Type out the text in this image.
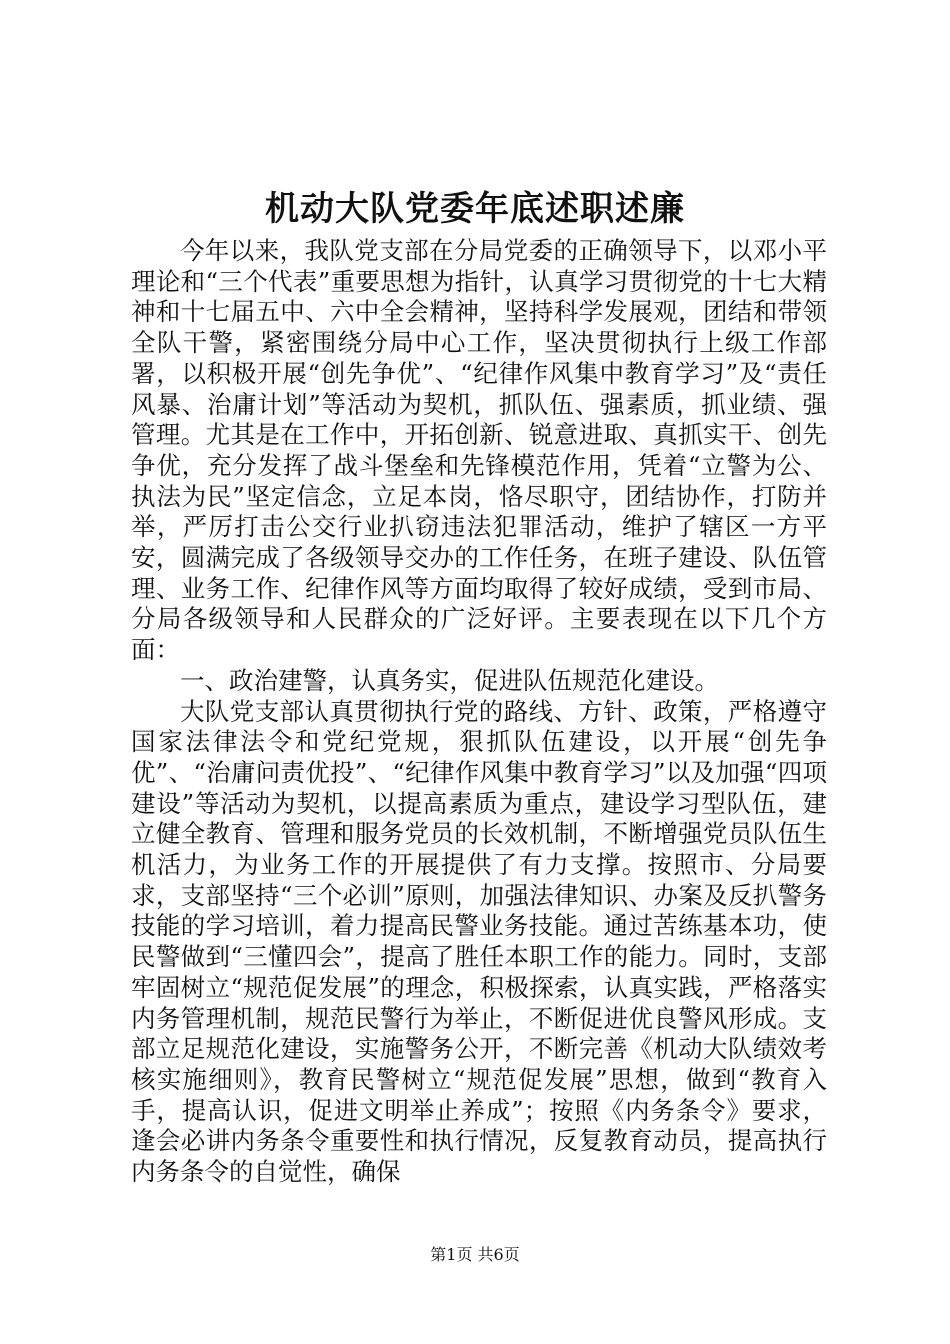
机动大队党委年底述职述廉

今年以来，我队党支部在分局党委的正确领导下，以邓小平理论和“三个代表”重要思想为指针，认真学习贯彻党的十七大精神和十七届五中、六中全会精神，坚持科学发展观，团结和带领全队干警，紧密围绕分局中心工作，坚决贯彻执行上级工作部署，以积极开展“创先争优”、“纪律作风集中教育学习”及“责任风暴、治庸计划”等活动为契机，抓队伍、强素质，抓业绩、强管理。尤其是在工作中，开拓创新、锐意进取、真抓实干、创先争优，充分发挥了战斗堡垒和先锋模范作用，凭着“立警为公、执法为民”坚定信念，立足本岗，恪尽职守，团结协作，打防并举，严厉打击公交行业扒窃违法犯罪活动，维护了辖区一方平安，圆满完成了各级领导交办的工作任务，在班子建设、队伍管理、业务工作、纪律作风等方面均取得了较好成绩，受到市局、分局各级领导和人民群众的广泛好评。主要表现在以下几个方面：

一、政治建警，认真务实，促进队伍规范化建设。

大队党支部认真贯彻执行党的路线、方针、政策，严格遵守国家法律法令和党纪党规，狠抓队伍建设，以开展“创先争优”、“治庸问责优投”、“纪律作风集中教育学习”以及加强“四项建设”等活动为契机，以提高素质为重点，建设学习型队伍，建立健全教育、管理和服务党员的长效机制，不断增强党员队伍生机活力，为业务工作的开展提供了有力支撑。按照市、分局要求，支部坚持“三个必训”原则，加强法律知识、办案及反扒警务技能的学习培训，着力提高民警业务技能。通过苦练基本功，使民警做到“三懂四会”，提高了胜任本职工作的能力。同时，支部牢固树立“规范促发展”的理念，积极探索，认真实践，严格落实内务管理机制，规范民警行为举止，不断促进优良警风形成。支部立足规范化建设，实施警务公开，不断完善《机动大队绩效考核实施细则》，教育民警树立“规范促发展”思想，做到“教育入手，提高认识，促进文明举止养成”；按照《内务条令》要求，逢会必讲内务条令重要性和执行情况，反复教育动员，提高执行内务条令的自觉性，确保

第1页 共6页
